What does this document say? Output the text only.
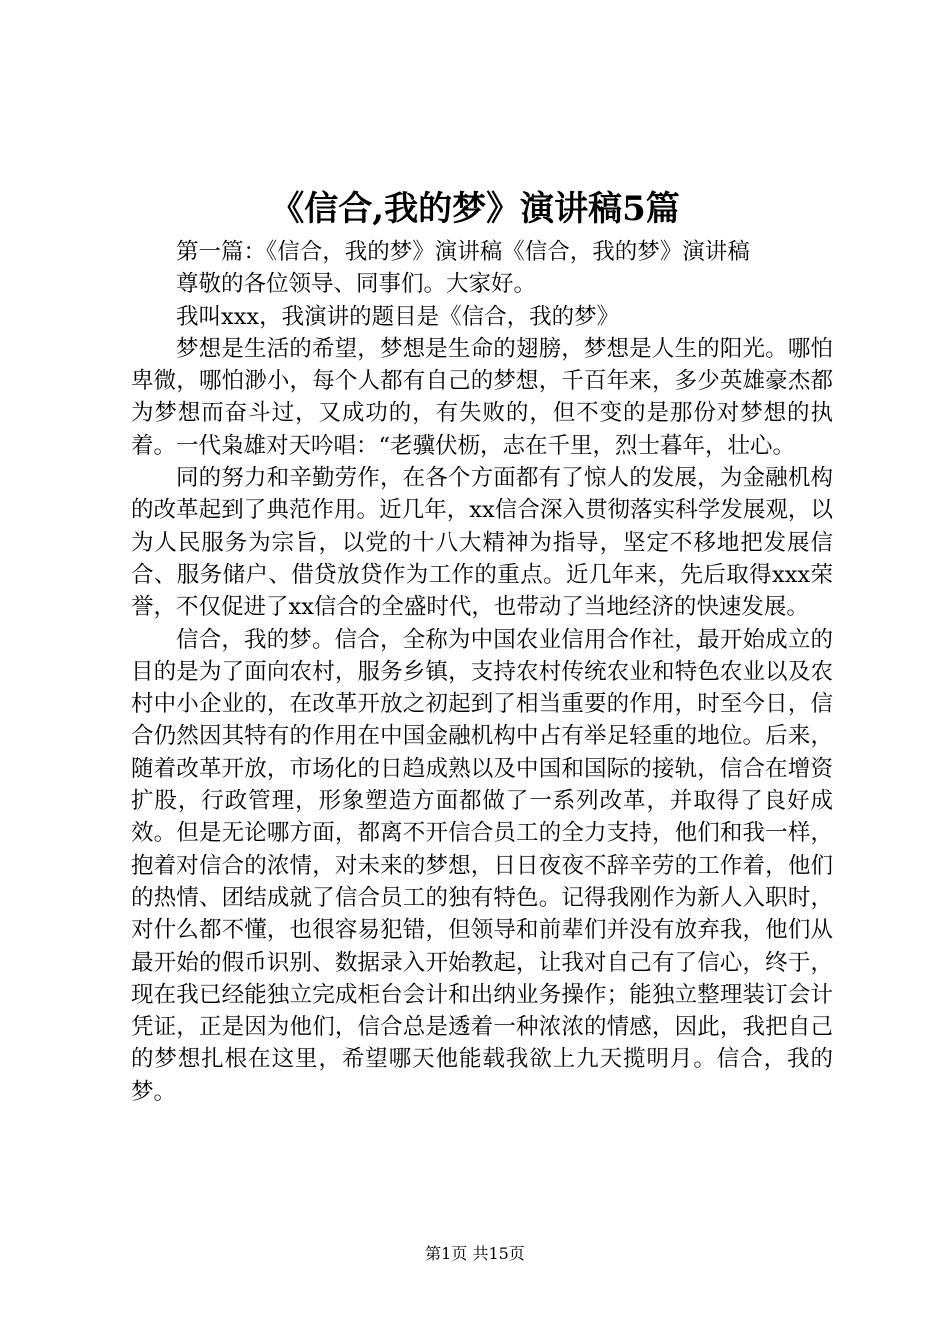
《信合,我的梦》演讲稿5篇

第一篇：《信合，我的梦》演讲稿《信合，我的梦》演讲稿

尊敬的各位领导、同事们。大家好。

我叫xxx，我演讲的题目是《信合，我的梦》

梦想是生活的希望，梦想是生命的翅膀，梦想是人生的阳光。哪怕卑微，哪怕渺小，每个人都有自己的梦想，千百年来，多少英雄豪杰都为梦想而奋斗过，又成功的，有失败的，但不变的是那份对梦想的执着。一代枭雄对天吟唱：“老骥伏枥，志在千里，烈士暮年，壮心。

同的努力和辛勤劳作，在各个方面都有了惊人的发展，为金融机构的改革起到了典范作用。近几年，xx信合深入贯彻落实科学发展观，以为人民服务为宗旨，以党的十八大精神为指导，坚定不移地把发展信合、服务储户、借贷放贷作为工作的重点。近几年来，先后取得xxx荣誉，不仅促进了xx信合的全盛时代，也带动了当地经济的快速发展。

信合，我的梦。信合，全称为中国农业信用合作社，最开始成立的目的是为了面向农村，服务乡镇，支持农村传统农业和特色农业以及农村中小企业的，在改革开放之初起到了相当重要的作用，时至今日，信合仍然因其特有的作用在中国金融机构中占有举足轻重的地位。后来，随着改革开放，市场化的日趋成熟以及中国和国际的接轨，信合在增资扩股，行政管理，形象塑造方面都做了一系列改革，并取得了良好成效。但是无论哪方面，都离不开信合员工的全力支持，他们和我一样，抱着对信合的浓情，对未来的梦想，日日夜夜不辞辛劳的工作着，他们的热情、团结成就了信合员工的独有特色。记得我刚作为新人入职时，对什么都不懂，也很容易犯错，但领导和前辈们并没有放弃我，他们从最开始的假币识别、数据录入开始教起，让我对自己有了信心，终于，现在我已经能独立完成柜台会计和出纳业务操作；能独立整理装订会计凭证，正是因为他们，信合总是透着一种浓浓的情感，因此，我把自己的梦想扎根在这里，希望哪天他能载我欲上九天揽明月。信合，我的梦。

第1页 共15页
